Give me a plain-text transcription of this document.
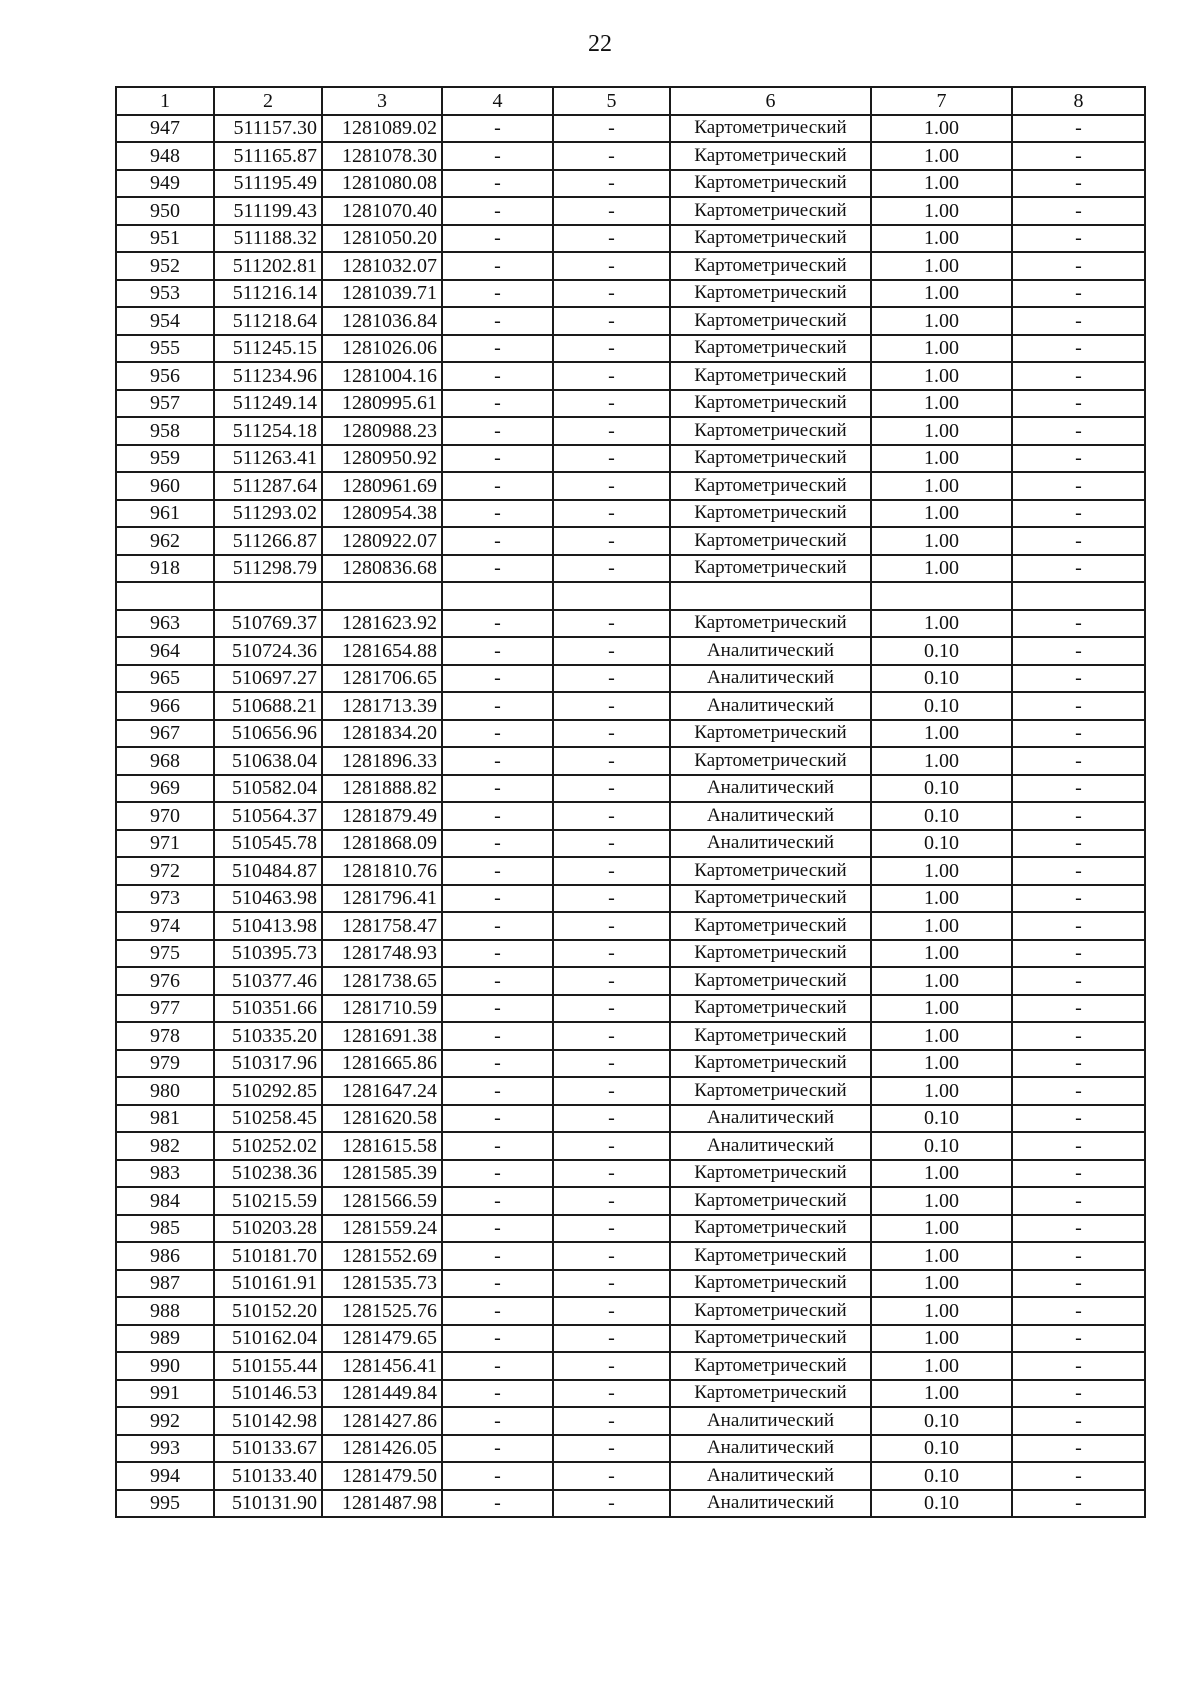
22
1	2	3	4	5	6	7	8
947	511157.30	1281089.02	-	-	Картометрический	1.00	-
948	511165.87	1281078.30	-	-	Картометрический	1.00	-
949	511195.49	1281080.08	-	-	Картометрический	1.00	-
950	511199.43	1281070.40	-	-	Картометрический	1.00	-
951	511188.32	1281050.20	-	-	Картометрический	1.00	-
952	511202.81	1281032.07	-	-	Картометрический	1.00	-
953	511216.14	1281039.71	-	-	Картометрический	1.00	-
954	511218.64	1281036.84	-	-	Картометрический	1.00	-
955	511245.15	1281026.06	-	-	Картометрический	1.00	-
956	511234.96	1281004.16	-	-	Картометрический	1.00	-
957	511249.14	1280995.61	-	-	Картометрический	1.00	-
958	511254.18	1280988.23	-	-	Картометрический	1.00	-
959	511263.41	1280950.92	-	-	Картометрический	1.00	-
960	511287.64	1280961.69	-	-	Картометрический	1.00	-
961	511293.02	1280954.38	-	-	Картометрический	1.00	-
962	511266.87	1280922.07	-	-	Картометрический	1.00	-
918	511298.79	1280836.68	-	-	Картометрический	1.00	-

963	510769.37	1281623.92	-	-	Картометрический	1.00	-
964	510724.36	1281654.88	-	-	Аналитический	0.10	-
965	510697.27	1281706.65	-	-	Аналитический	0.10	-
966	510688.21	1281713.39	-	-	Аналитический	0.10	-
967	510656.96	1281834.20	-	-	Картометрический	1.00	-
968	510638.04	1281896.33	-	-	Картометрический	1.00	-
969	510582.04	1281888.82	-	-	Аналитический	0.10	-
970	510564.37	1281879.49	-	-	Аналитический	0.10	-
971	510545.78	1281868.09	-	-	Аналитический	0.10	-
972	510484.87	1281810.76	-	-	Картометрический	1.00	-
973	510463.98	1281796.41	-	-	Картометрический	1.00	-
974	510413.98	1281758.47	-	-	Картометрический	1.00	-
975	510395.73	1281748.93	-	-	Картометрический	1.00	-
976	510377.46	1281738.65	-	-	Картометрический	1.00	-
977	510351.66	1281710.59	-	-	Картометрический	1.00	-
978	510335.20	1281691.38	-	-	Картометрический	1.00	-
979	510317.96	1281665.86	-	-	Картометрический	1.00	-
980	510292.85	1281647.24	-	-	Картометрический	1.00	-
981	510258.45	1281620.58	-	-	Аналитический	0.10	-
982	510252.02	1281615.58	-	-	Аналитический	0.10	-
983	510238.36	1281585.39	-	-	Картометрический	1.00	-
984	510215.59	1281566.59	-	-	Картометрический	1.00	-
985	510203.28	1281559.24	-	-	Картометрический	1.00	-
986	510181.70	1281552.69	-	-	Картометрический	1.00	-
987	510161.91	1281535.73	-	-	Картометрический	1.00	-
988	510152.20	1281525.76	-	-	Картометрический	1.00	-
989	510162.04	1281479.65	-	-	Картометрический	1.00	-
990	510155.44	1281456.41	-	-	Картометрический	1.00	-
991	510146.53	1281449.84	-	-	Картометрический	1.00	-
992	510142.98	1281427.86	-	-	Аналитический	0.10	-
993	510133.67	1281426.05	-	-	Аналитический	0.10	-
994	510133.40	1281479.50	-	-	Аналитический	0.10	-
995	510131.90	1281487.98	-	-	Аналитический	0.10	-
